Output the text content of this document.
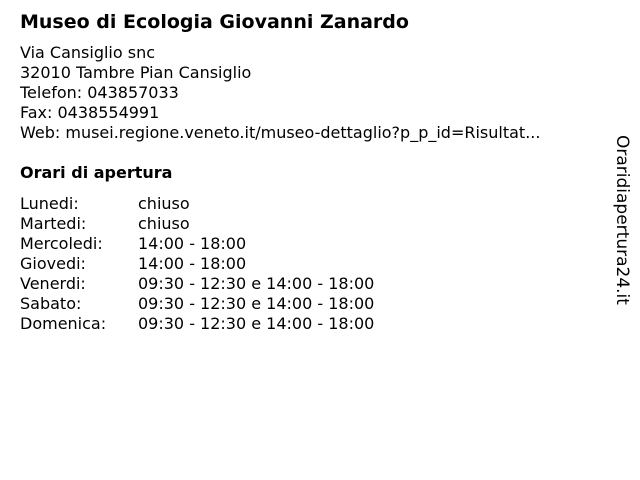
Museo di Ecologia Giovanni Zanardo
Via Cansiglio snc
32010 Tambre Pian Cansiglio
Telefon: 043857033
Fax: 0438554991
Web: musei.regione.veneto.it/museo-dettaglio?p_p_id=Risultat...
Orari di apertura
Lunedi:	chiuso
Martedi:	chiuso
Mercoledi:	14:00 - 18:00
Giovedi:	14:00 - 18:00
Venerdi:	09:30 - 12:30 e 14:00 - 18:00
Sabato:	09:30 - 12:30 e 14:00 - 18:00
Domenica:	09:30 - 12:30 e 14:00 - 18:00
Oraridiapertura24.it
